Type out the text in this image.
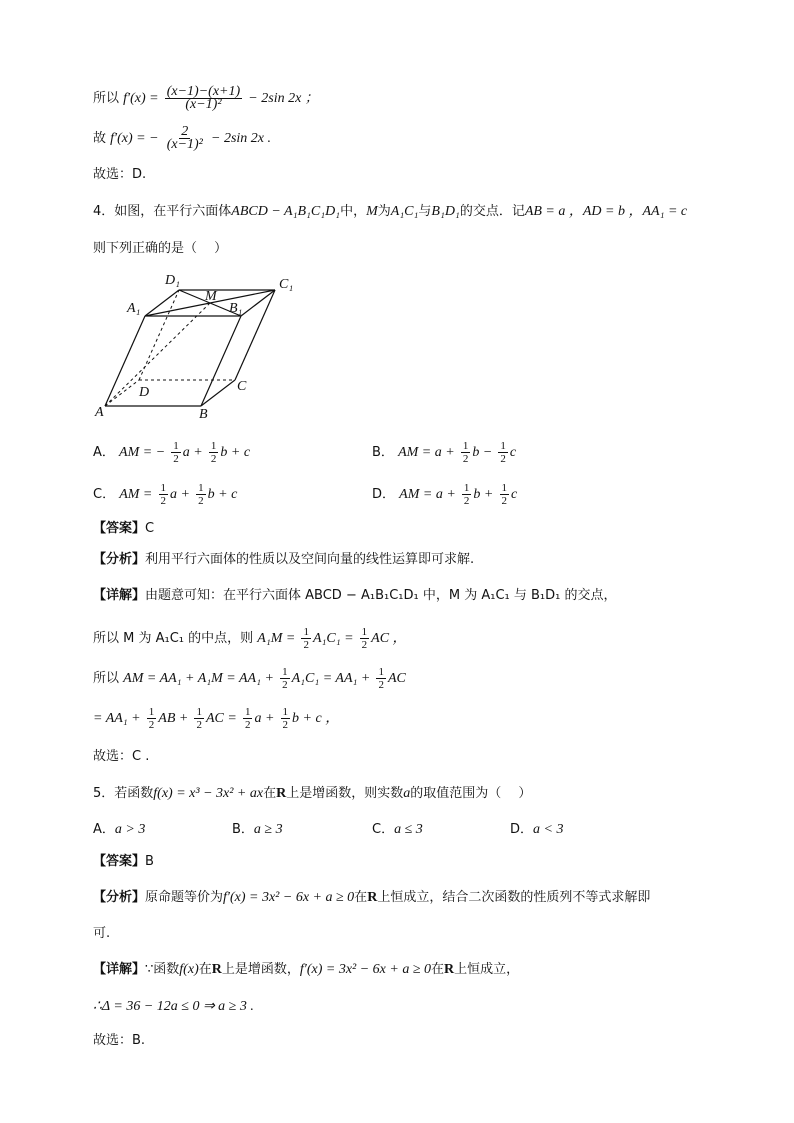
所以 $f'(x) = \frac{(x-1)-(x+1)}{\text{(x−1)²}} - 2\sin$ 2x ；
故 f′(x) = − $\frac{2}{\text{(x−1)²}} - 2\sin$ 2x .
故选：D.
4．如图，在平行六面体ABCD − A₁B₁C₁D₁中，M为A₁C₁与B₁D₁的交点．记AB = a ，AD = b ，AA₁ = c
则下列正确的是（　 ）
D₁	C₁
A₁
M
B₁
D	C
A	B
A． AM = − $\frac{1}{2}$ $a + \frac{1}{2}$ b + c	B． AM = $a + \frac{1}{2}$ $b - \frac{1}{2}$ c
C． AM = $\frac{1}{2}$ $a + \frac{1}{2}$ b + c	D． AM = $a + \frac{1}{2}$ $b + \frac{1}{2}$ c
【答案】C
【分析】利用平行六面体的性质以及空间向量的线性运算即可求解.
【详解】由题意可知：在平行六面体 ABCD − A₁B₁C₁D₁ 中，M 为 A₁C₁ 与 B₁D₁ 的交点，
所以 M 为 A₁C₁ 的中点，则 $A_1M = \frac{1}{2} A_1C_1 = \frac{1}{2}$ AC ，
所以 AM = $AA_1 + A_1M = AA_1 + \frac{1}{2} A_1C_1 = AA_1 + \frac{1}{2}$ AC
= $AA_1 + \frac{1}{2}$ AB + $\frac{1}{2}$ AC = $\frac{1}{2}$ $a + \frac{1}{2}$ b + c ，
故选：C .
5．若函数f(x) = x³ − 3x² + ax在R上是增函数，则实数a的取值范围为（　 ）
A．a > 3	B．a ≥ 3	C．a ≤ 3	D．a < 3
【答案】B
【分析】原命题等价为f′(x) = 3x² − 6x + a ≥ 0在R上恒成立，结合二次函数的性质列不等式求解即
可.
【详解】∵函数f(x)在R上是增函数，f′(x) = 3x² − 6x + a ≥ 0在R上恒成立，
∴Δ = 36 − 12a ≤ 0 ⇒ a ≥ 3 .
故选：B.
